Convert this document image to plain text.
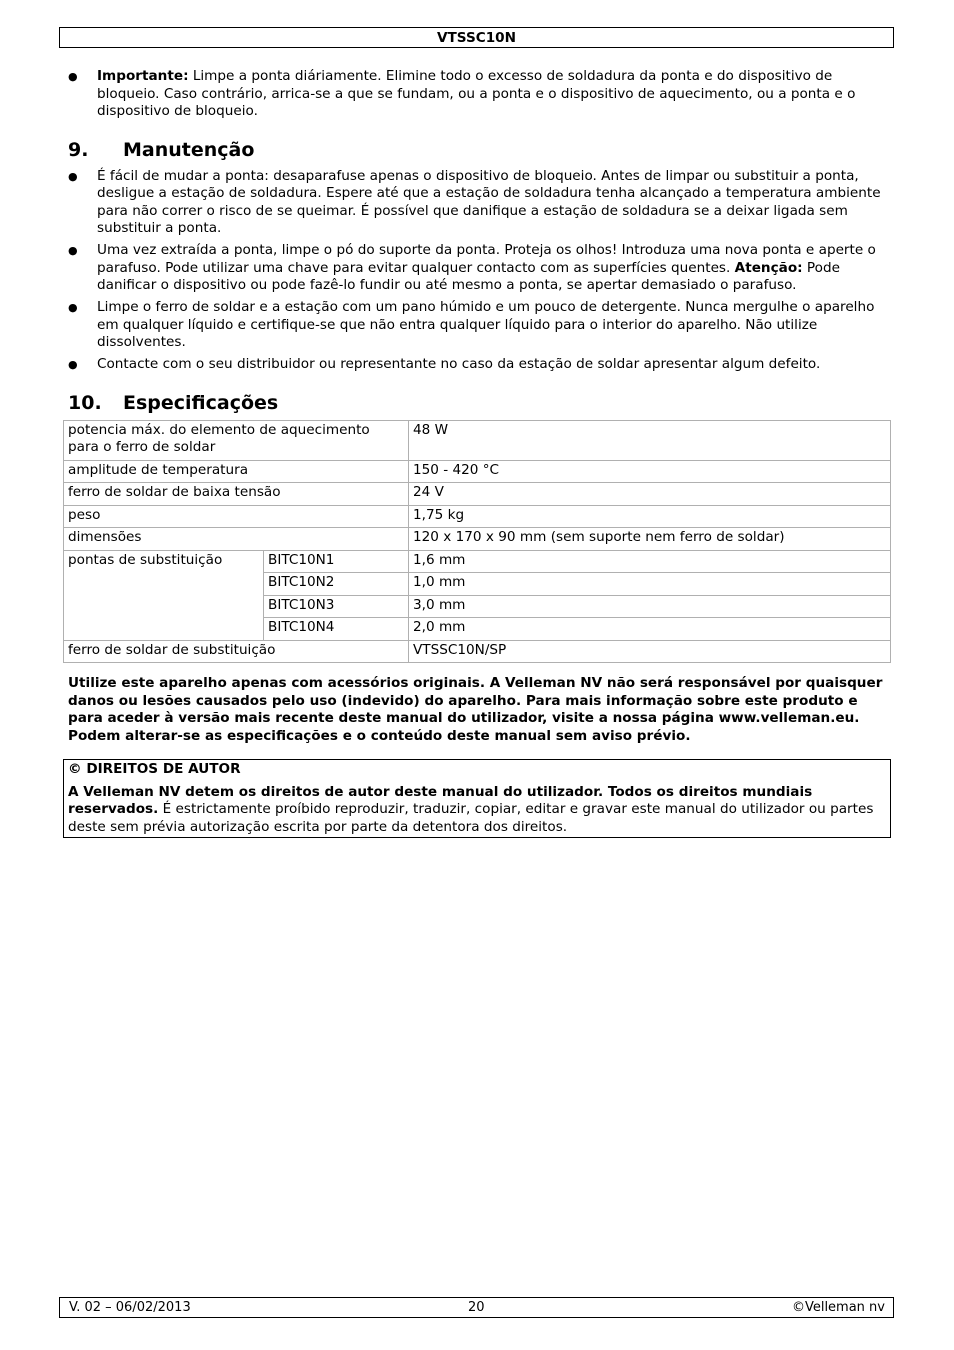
VTSSC10N
● Importante: Limpe a ponta diáriamente. Elimine todo o excesso de soldadura da ponta e do dispositivo de bloqueio. Caso contrário, arrica-se a que se fundam, ou a ponta e o dispositivo de aquecimento, ou a ponta e o dispositivo de bloqueio.
9.	Manutenção
● É fácil de mudar a ponta: desaparafuse apenas o dispositivo de bloqueio. Antes de limpar ou substituir a ponta, desligue a estação de soldadura. Espere até que a estação de soldadura tenha alcançado a temperatura ambiente para não correr o risco de se queimar. É possível que danifique a estação de soldadura se a deixar ligada sem substituir a ponta.
● Uma vez extraída a ponta, limpe o pó do suporte da ponta. Proteja os olhos! Introduza uma nova ponta e aperte o parafuso. Pode utilizar uma chave para evitar qualquer contacto com as superfícies quentes. Atenção: Pode danificar o dispositivo ou pode fazê-lo fundir ou até mesmo a ponta, se apertar demasiado o parafuso.
● Limpe o ferro de soldar e a estação com um pano húmido e um pouco de detergente. Nunca mergulhe o aparelho em qualquer líquido e certifique-se que não entra qualquer líquido para o interior do aparelho. Não utilize dissolventes.
● Contacte com o seu distribuidor ou representante no caso da estação de soldar apresentar algum defeito.
10.	Especificações
potencia máx. do elemento de aquecimento para o ferro de soldar		48 W
amplitude de temperatura		150 - 420 °C
ferro de soldar de baixa tensão		24 V
peso		1,75 kg
dimensões		120 x 170 x 90 mm (sem suporte nem ferro de soldar)
pontas de substituição	BITC10N1	1,6 mm
	BITC10N2	1,0 mm
	BITC10N3	3,0 mm
	BITC10N4	2,0 mm
ferro de soldar de substituição		VTSSC10N/SP

Utilize este aparelho apenas com acessórios originais. A Velleman NV não será responsável por quaisquer danos ou lesões causados pelo uso (indevido) do aparelho. Para mais informação sobre este produto e para aceder à versão mais recente deste manual do utilizador, visite a nossa página www.velleman.eu. Podem alterar-se as especificações e o conteúdo deste manual sem aviso prévio.

© DIREITOS DE AUTOR
A Velleman NV detem os direitos de autor deste manual do utilizador. Todos os direitos mundiais reservados. É estrictamente proíbido reproduzir, traduzir, copiar, editar e gravar este manual do utilizador ou partes deste sem prévia autorização escrita por parte da detentora dos direitos.
V. 02 – 06/02/2013	20	©Velleman nv
